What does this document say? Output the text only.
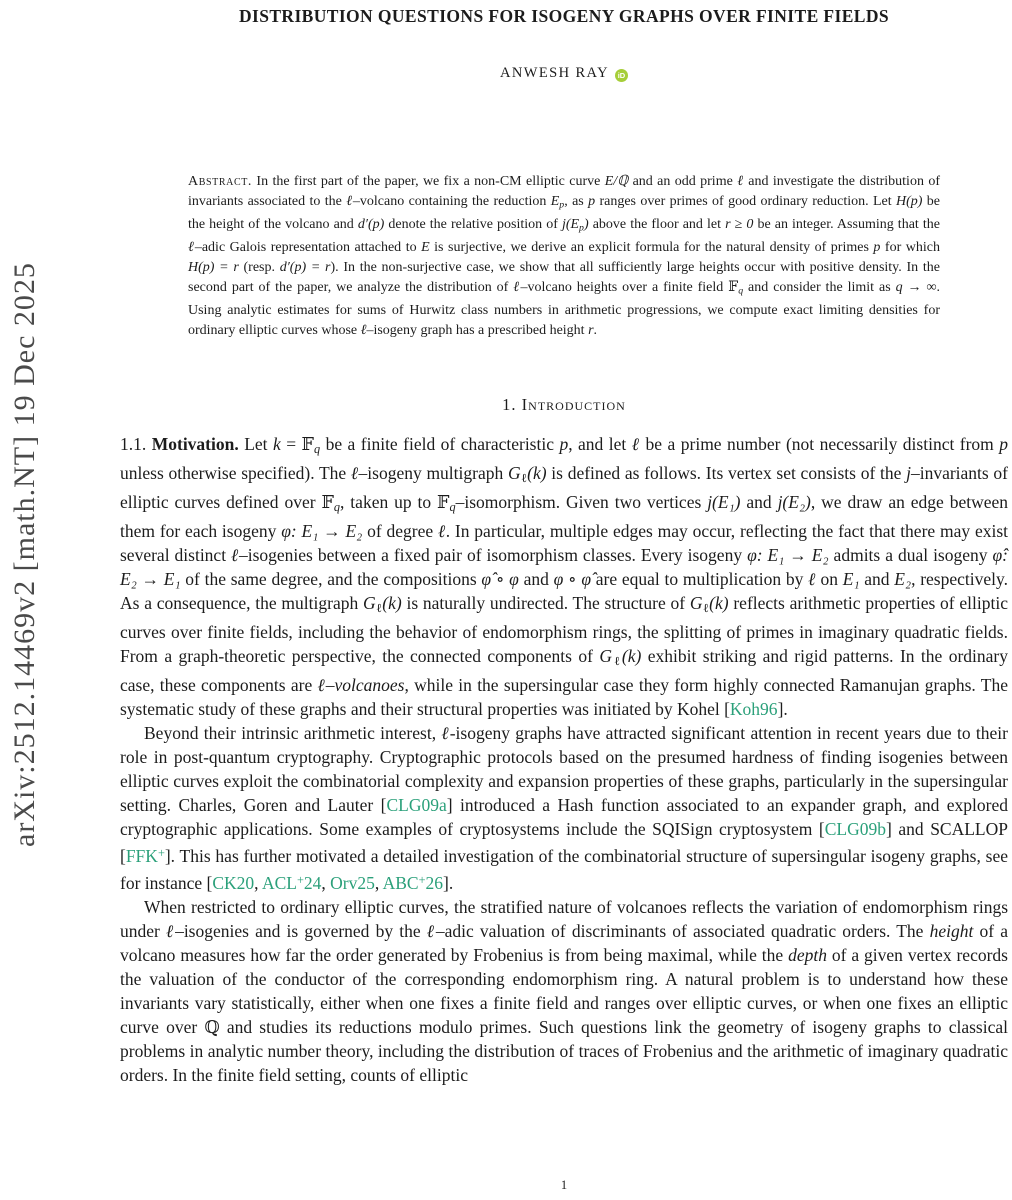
arXiv:2512.14469v2 [math.NT] 19 Dec 2025
DISTRIBUTION QUESTIONS FOR ISOGENY GRAPHS OVER FINITE FIELDS
ANWESH RAY iD
Abstract. In the first part of the paper, we fix a non-CM elliptic curve E/ℚ and an odd prime ℓ and investigate the distribution of invariants associated to the ℓ–volcano containing the reduction $E_p$, as p ranges over primes of good ordinary reduction. Let H(p) be the height of the volcano and d′(p) denote the relative position of $j(E_p)$ above the floor and let r ≥ 0 be an integer. Assuming that the ℓ–adic Galois representation attached to E is surjective, we derive an explicit formula for the natural density of primes p for which H(p) = r (resp. d′(p) = r). In the non-surjective case, we show that all sufficiently large heights occur with positive density. In the second part of the paper, we analyze the distribution of ℓ–volcano heights over a finite field 𝔽$_q$ and consider the limit as q → ∞. Using analytic estimates for sums of Hurwitz class numbers in arithmetic progressions, we compute exact limiting densities for ordinary elliptic curves whose ℓ–isogeny graph has a prescribed height r.
1. Introduction

1.1. Motivation. Let k = 𝔽$_q$ be a finite field of characteristic p, and let ℓ be a prime number (not necessarily distinct from p unless otherwise specified). The ℓ–isogeny multigraph $G_\ell(k)$ is defined as follows. Its vertex set consists of the j–invariants of elliptic curves defined over 𝔽$_q$, taken up to 𝔽$_q$–isomorphism. Given two vertices j(E₁) and j(E₂), we draw an edge between them for each isogeny φ: E₁ → E₂ of degree ℓ. In particular, multiple edges may occur, reflecting the fact that there may exist several distinct ℓ–isogenies between a fixed pair of isomorphism classes. Every isogeny φ: E₁ → E₂ admits a dual isogeny φ̂: E₂ → E₁ of the same degree, and the compositions φ̂ ∘ φ and φ ∘ φ̂ are equal to multiplication by ℓ on E₁ and E₂, respectively. As a consequence, the multigraph $G_\ell(k)$ is naturally undirected. The structure of $G_\ell(k)$ reflects arithmetic properties of elliptic curves over finite fields, including the behavior of endomorphism rings, the splitting of primes in imaginary quadratic fields. From a graph-theoretic perspective, the connected components of $G_\ell(k)$ exhibit striking and rigid patterns. In the ordinary case, these components are ℓ–volcanoes, while in the supersingular case they form highly connected Ramanujan graphs. The systematic study of these graphs and their structural properties was initiated by Kohel [Koh96].

Beyond their intrinsic arithmetic interest, ℓ-isogeny graphs have attracted significant attention in recent years due to their role in post-quantum cryptography. Cryptographic protocols based on the presumed hardness of finding isogenies between elliptic curves exploit the combinatorial complexity and expansion properties of these graphs, particularly in the supersingular setting. Charles, Goren and Lauter [CLG09a] introduced a Hash function associated to an expander graph, and explored cryptographic applications. Some examples of cryptosystems include the SQISign cryptosystem [CLG09b] and SCALLOP [FFK+]. This has further motivated a detailed investigation of the combinatorial structure of supersingular isogeny graphs, see for instance [CK20, ACL+24, Orv25, ABC+26].

When restricted to ordinary elliptic curves, the stratified nature of volcanoes reflects the variation of endomorphism rings under ℓ–isogenies and is governed by the ℓ–adic valuation of discriminants of associated quadratic orders. The height of a volcano measures how far the order generated by Frobenius is from being maximal, while the depth of a given vertex records the valuation of the conductor of the corresponding endomorphism ring. A natural problem is to understand how these invariants vary statistically, either when one fixes a finite field and ranges over elliptic curves, or when one fixes an elliptic curve over ℚ and studies its reductions modulo primes. Such questions link the geometry of isogeny graphs to classical problems in analytic number theory, including the distribution of traces of Frobenius and the arithmetic of imaginary quadratic orders. In the finite field setting, counts of elliptic

1
